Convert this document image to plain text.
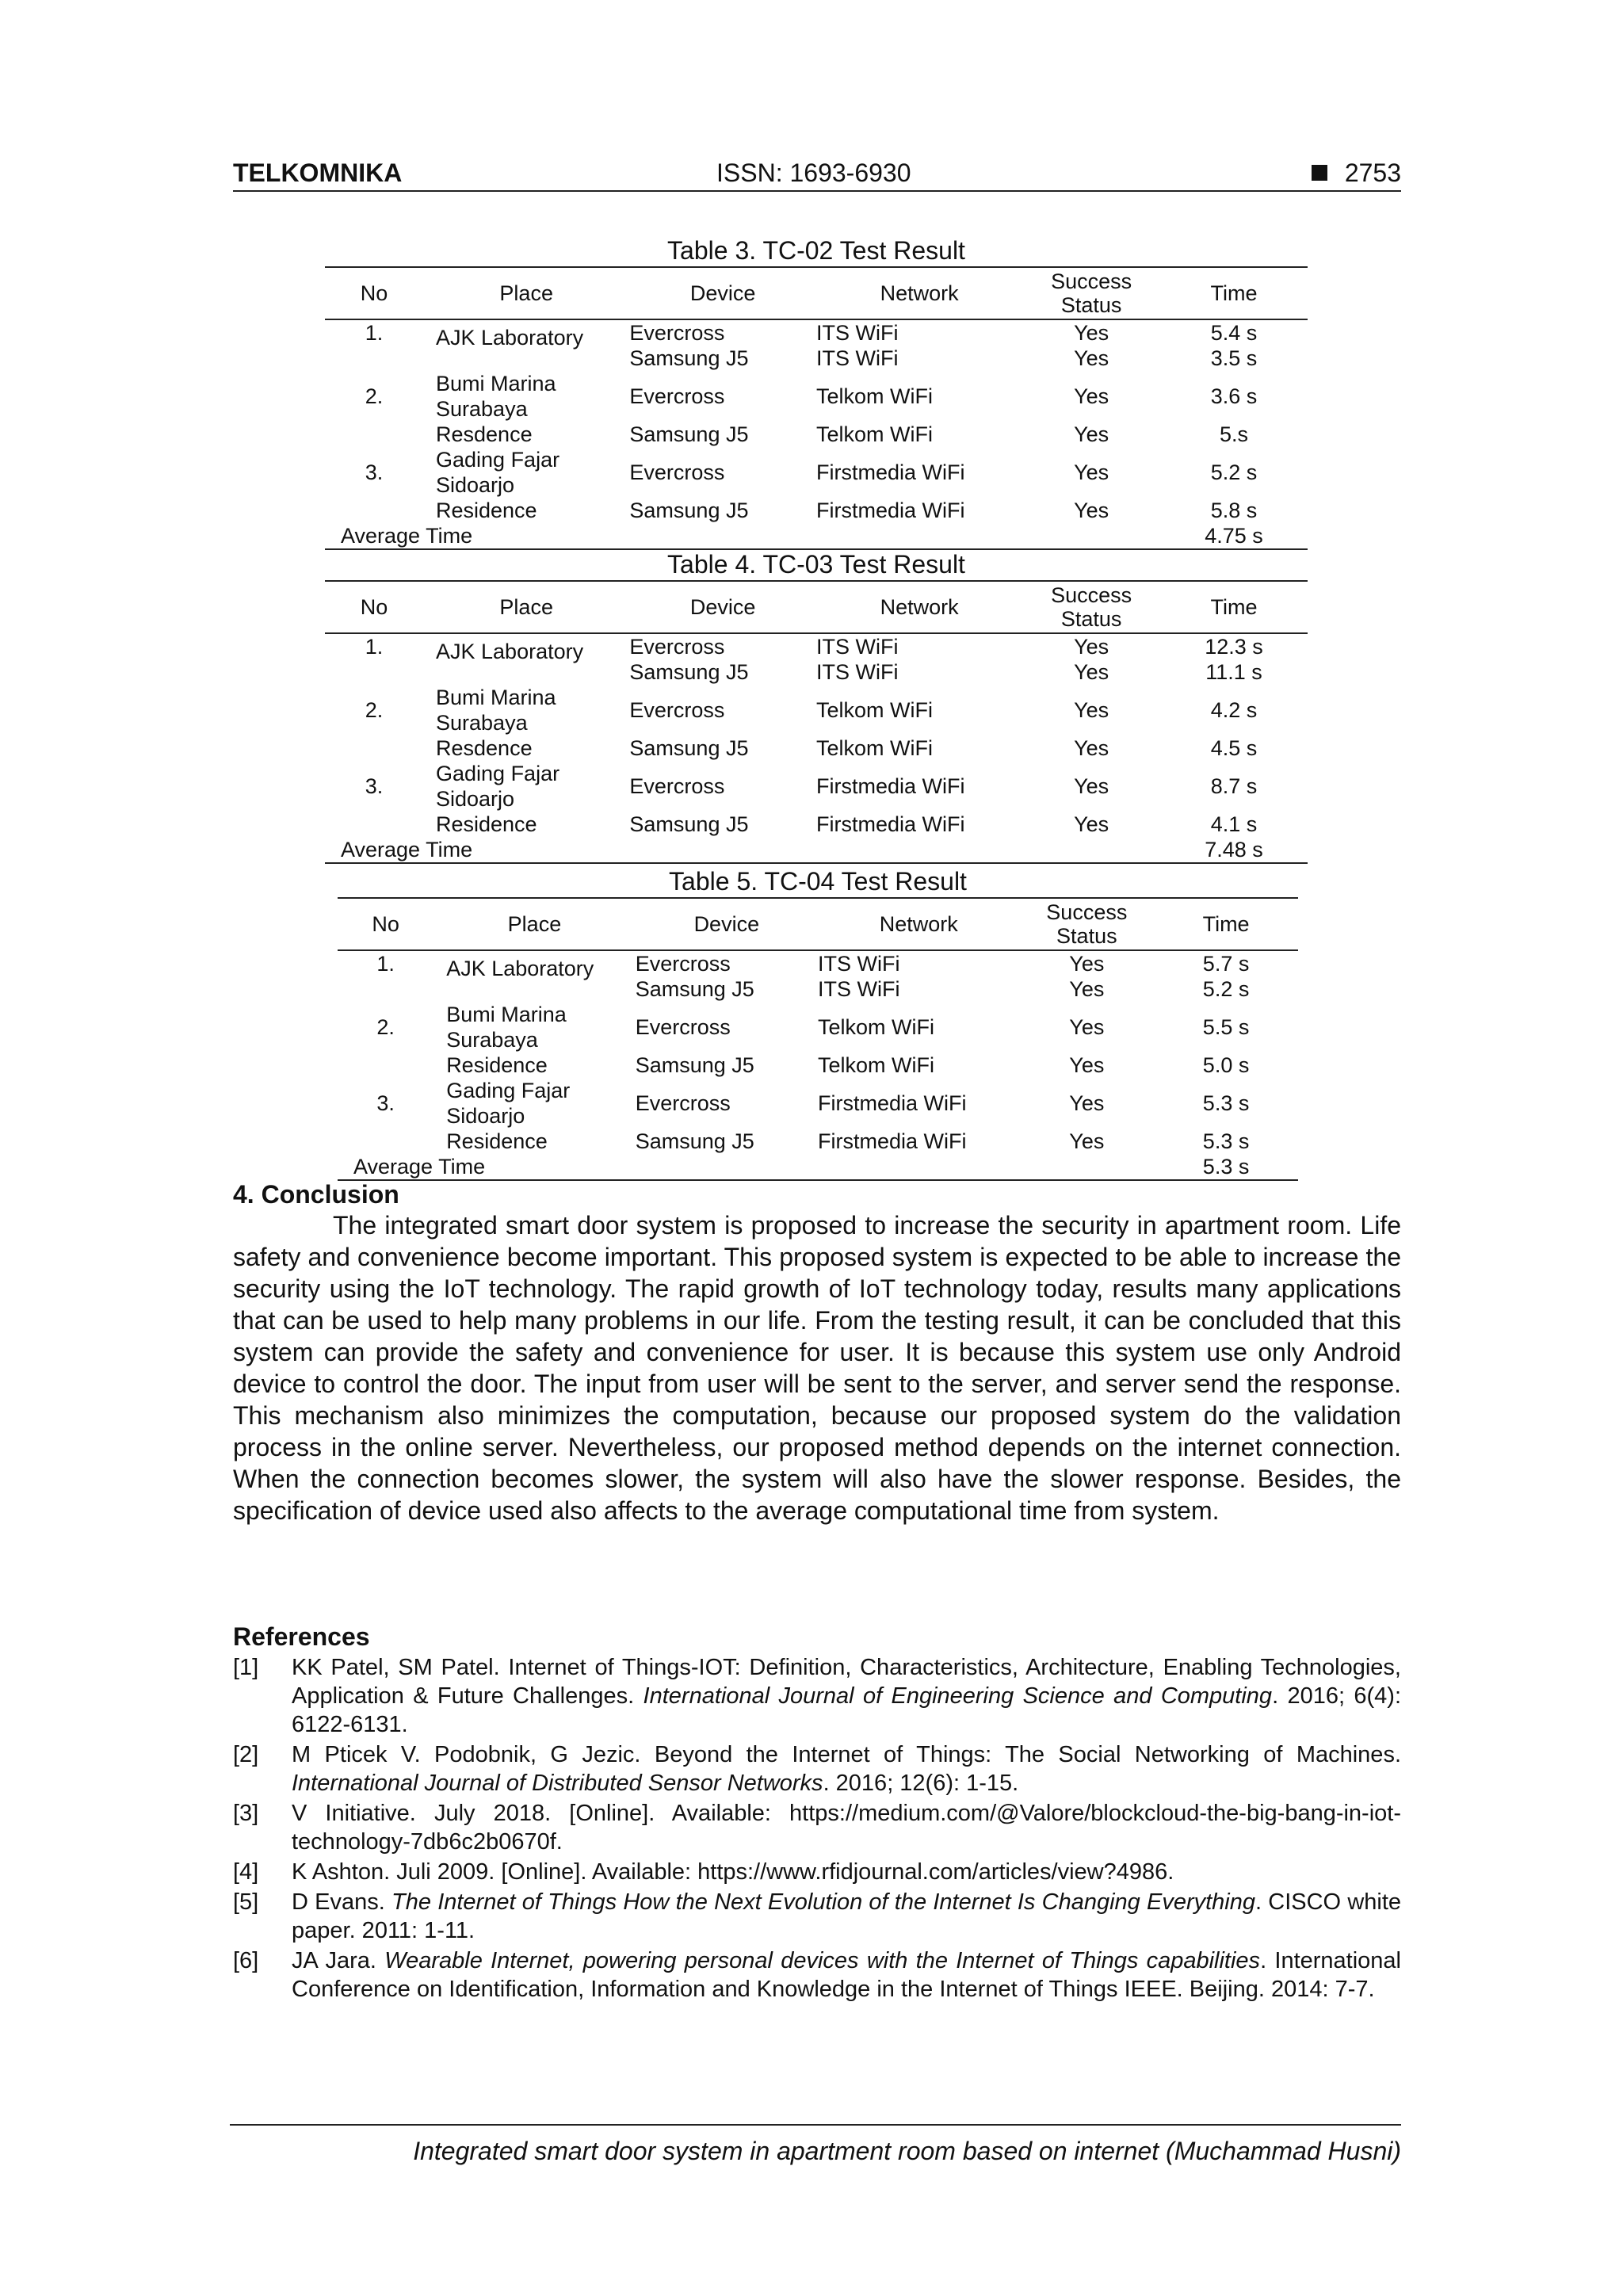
TELKOMNIKA	ISSN: 1693-6930	2753
Table 3. TC-02 Test Result
No	Place	Device	Network	Success Status	Time
1.	AJK Laboratory	Evercross	ITS WiFi	Yes	5.4 s
		Samsung J5	ITS WiFi	Yes	3.5 s
2.	Bumi Marina Surabaya	Evercross	Telkom WiFi	Yes	3.6 s
	Resdence	Samsung J5	Telkom WiFi	Yes	5.s
3.	Gading Fajar Sidoarjo	Evercross	Firstmedia WiFi	Yes	5.2 s
	Residence	Samsung J5	Firstmedia WiFi	Yes	5.8 s
Average Time					4.75 s
Table 4. TC-03 Test Result
No	Place	Device	Network	Success Status	Time
1.	AJK Laboratory	Evercross	ITS WiFi	Yes	12.3 s
		Samsung J5	ITS WiFi	Yes	11.1 s
2.	Bumi Marina Surabaya	Evercross	Telkom WiFi	Yes	4.2 s
	Resdence	Samsung J5	Telkom WiFi	Yes	4.5 s
3.	Gading Fajar Sidoarjo	Evercross	Firstmedia WiFi	Yes	8.7 s
	Residence	Samsung J5	Firstmedia WiFi	Yes	4.1 s
Average Time					7.48 s
Table 5. TC-04 Test Result
No	Place	Device	Network	Success Status	Time
1.	AJK Laboratory	Evercross	ITS WiFi	Yes	5.7 s
		Samsung J5	ITS WiFi	Yes	5.2 s
2.	Bumi Marina Surabaya	Evercross	Telkom WiFi	Yes	5.5 s
	Residence	Samsung J5	Telkom WiFi	Yes	5.0 s
3.	Gading Fajar Sidoarjo	Evercross	Firstmedia WiFi	Yes	5.3 s
	Residence	Samsung J5	Firstmedia WiFi	Yes	5.3 s
Average Time					5.3 s
4. Conclusion

The integrated smart door system is proposed to increase the security in apartment room. Life safety and convenience become important. This proposed system is expected to be able to increase the security using the IoT technology. The rapid growth of IoT technology today, results many applications that can be used to help many problems in our life. From the testing result, it can be concluded that this system can provide the safety and convenience for user. It is because this system use only Android device to control the door. The input from user will be sent to the server, and server send the response. This mechanism also minimizes the computation, because our proposed system do the validation process in the online server. Nevertheless, our proposed method depends on the internet connection. When the connection becomes slower, the system will also have the slower response. Besides, the specification of device used also affects to the average computational time from system.

References
[1] KK Patel, SM Patel. Internet of Things-IOT: Definition, Characteristics, Architecture, Enabling Technologies, Application & Future Challenges. International Journal of Engineering Science and Computing. 2016; 6(4): 6122-6131.
[2] M Pticek V. Podobnik, G Jezic. Beyond the Internet of Things: The Social Networking of Machines. International Journal of Distributed Sensor Networks. 2016; 12(6): 1-15.
[3] V Initiative. July 2018. [Online]. Available: https://medium.com/@Valore/blockcloud-the-big-bang-in-iot-technology-7db6c2b0670f.
[4] K Ashton. Juli 2009. [Online]. Available: https://www.rfidjournal.com/articles/view?4986.
[5] D Evans. The Internet of Things How the Next Evolution of the Internet Is Changing Everything. CISCO white paper. 2011: 1-11.
[6] JA Jara. Wearable Internet, powering personal devices with the Internet of Things capabilities. International Conference on Identification, Information and Knowledge in the Internet of Things IEEE. Beijing. 2014: 7-7.
Integrated smart door system in apartment room based on internet (Muchammad Husni)
